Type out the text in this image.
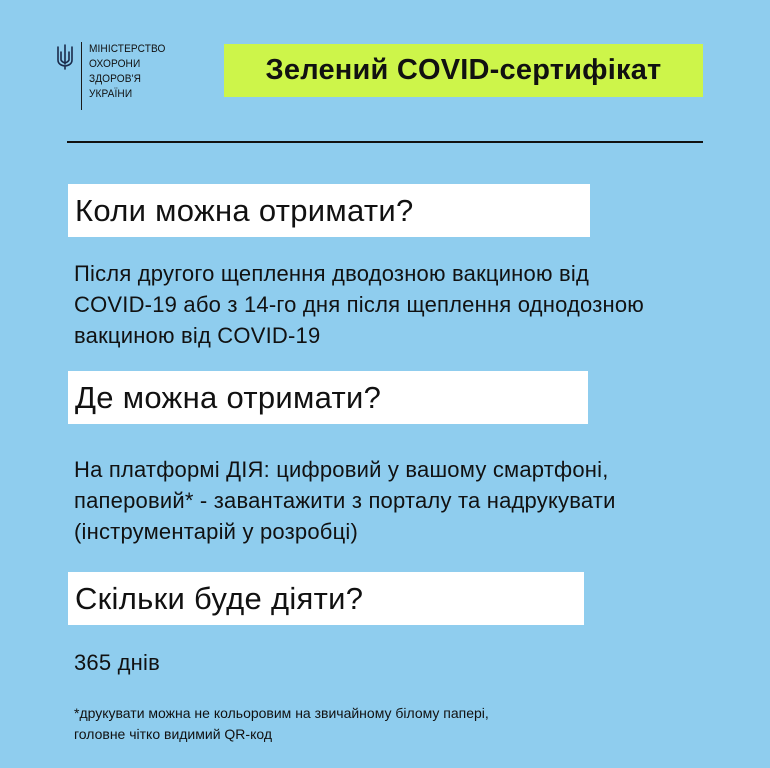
МІНІСТЕРСТВО
ОХОРОНИ
ЗДОРОВ'Я
УКРАЇНИ
Зелений COVID-сертифікат
Коли можна отримати?
Після другого щеплення дводозною вакциною від
COVID-19 або з 14-го дня після щеплення однодозною
вакциною від COVID-19
Де можна отримати?
На платформі ДІЯ: цифровий у вашому смартфоні,
паперовий* - завантажити з порталу та надрукувати
(інструментарій у розробці)
Скільки буде діяти?
365 днів
*друкувати можна не кольоровим на звичайному білому папері,
головне чітко видимий QR-код
